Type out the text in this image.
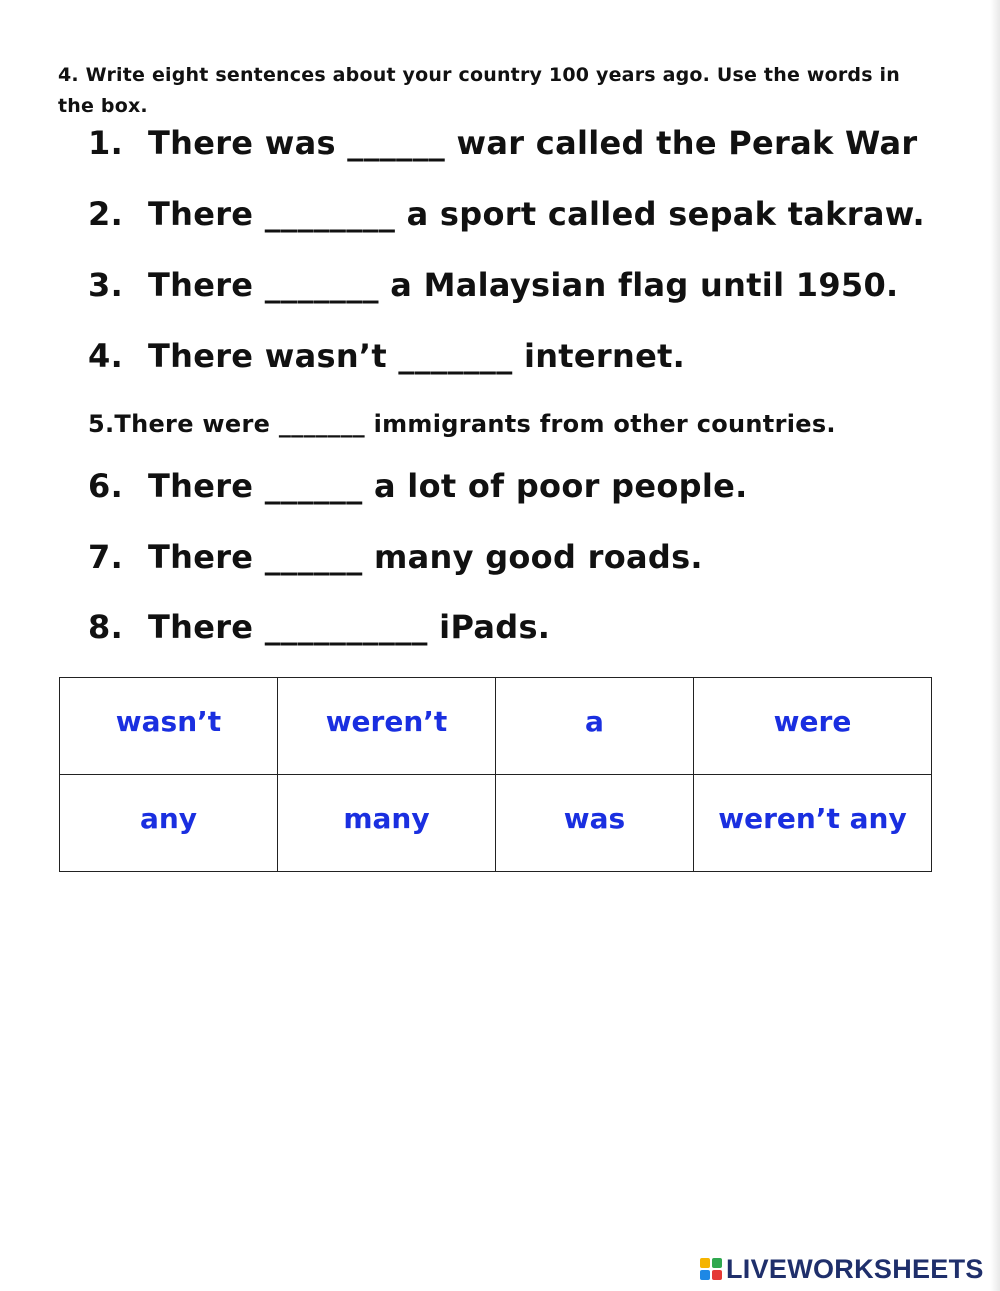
4. Write eight sentences about your country 100 years ago. Use the words in the box.

1. There was ______ war called the Perak War

2. There ________ a sport called sepak takraw.

3. There _______ a Malaysian flag until 1950.

4. There wasn’t _______ internet.

5.There were _______ immigrants from other countries.

6. There ______ a lot of poor people.

7. There ______ many good roads.

8. There __________ iPads.

wasn’t	weren’t	a	were
any	many	was	weren’t any
LIVEWORKSHEETS
